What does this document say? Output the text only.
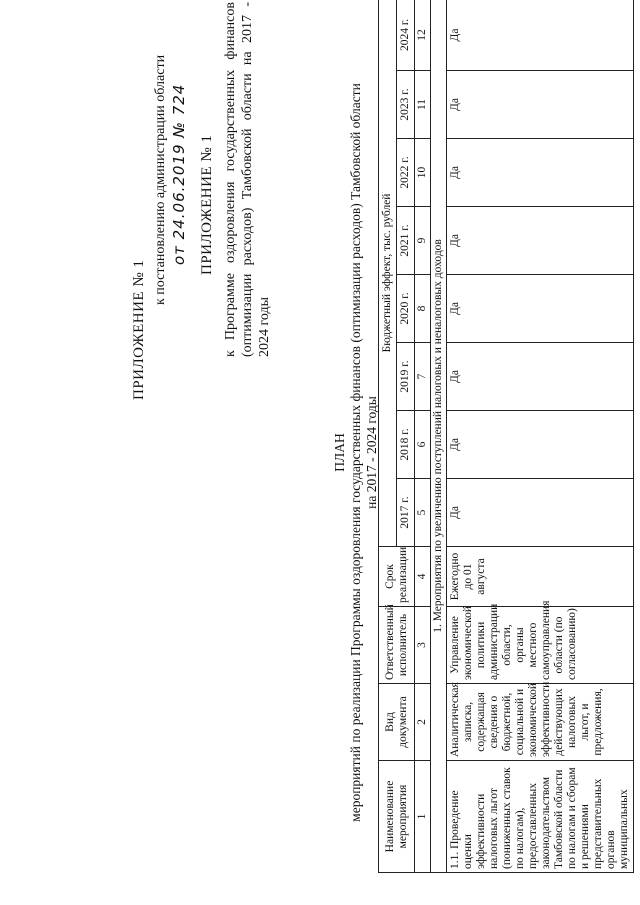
ПРИЛОЖЕНИЕ № 1
к постановлению администрации области от 24.06.2019 № 724 ПРИЛОЖЕНИЕ № 1 к Программе оздоровления государственных финансов (оптимизации расходов) Тамбовской области на 2017 - 2024 годы
ПЛАН мероприятий по реализации Программы оздоровления государственных финансов (оптимизации расходов) Тамбовской области на 2017 - 2024 годы
Наименование мероприятия	Вид документа	Ответственный исполнитель	Срок реализации	Бюджетный эффект, тыс. рублей							
				2017 г.	2018 г.	2019 г.	2020 г.	2021 г.	2022 г.	2023 г.	2024 г.
1	2	3	4	5	6	7	8	9	10	11	12
1. Мероприятия по увеличению поступлений налоговых и неналоговых доходов											
1.1. Проведение оценки эффективности налоговых льгот (пониженных ставок по налогам), предоставленных законодательством Тамбовской области по налогам и сборам и решениями представительных органов муниципальных	Аналитическая записка, содержащая сведения о бюджетной, социальной и экономической эффективности действующих налоговых льгот, и предложения,	Управление экономической политики администрации области, органы местного самоуправления области (по согласованию)	Ежегодно до 01 августа	Да	Да	Да	Да	Да	Да	Да	Да
